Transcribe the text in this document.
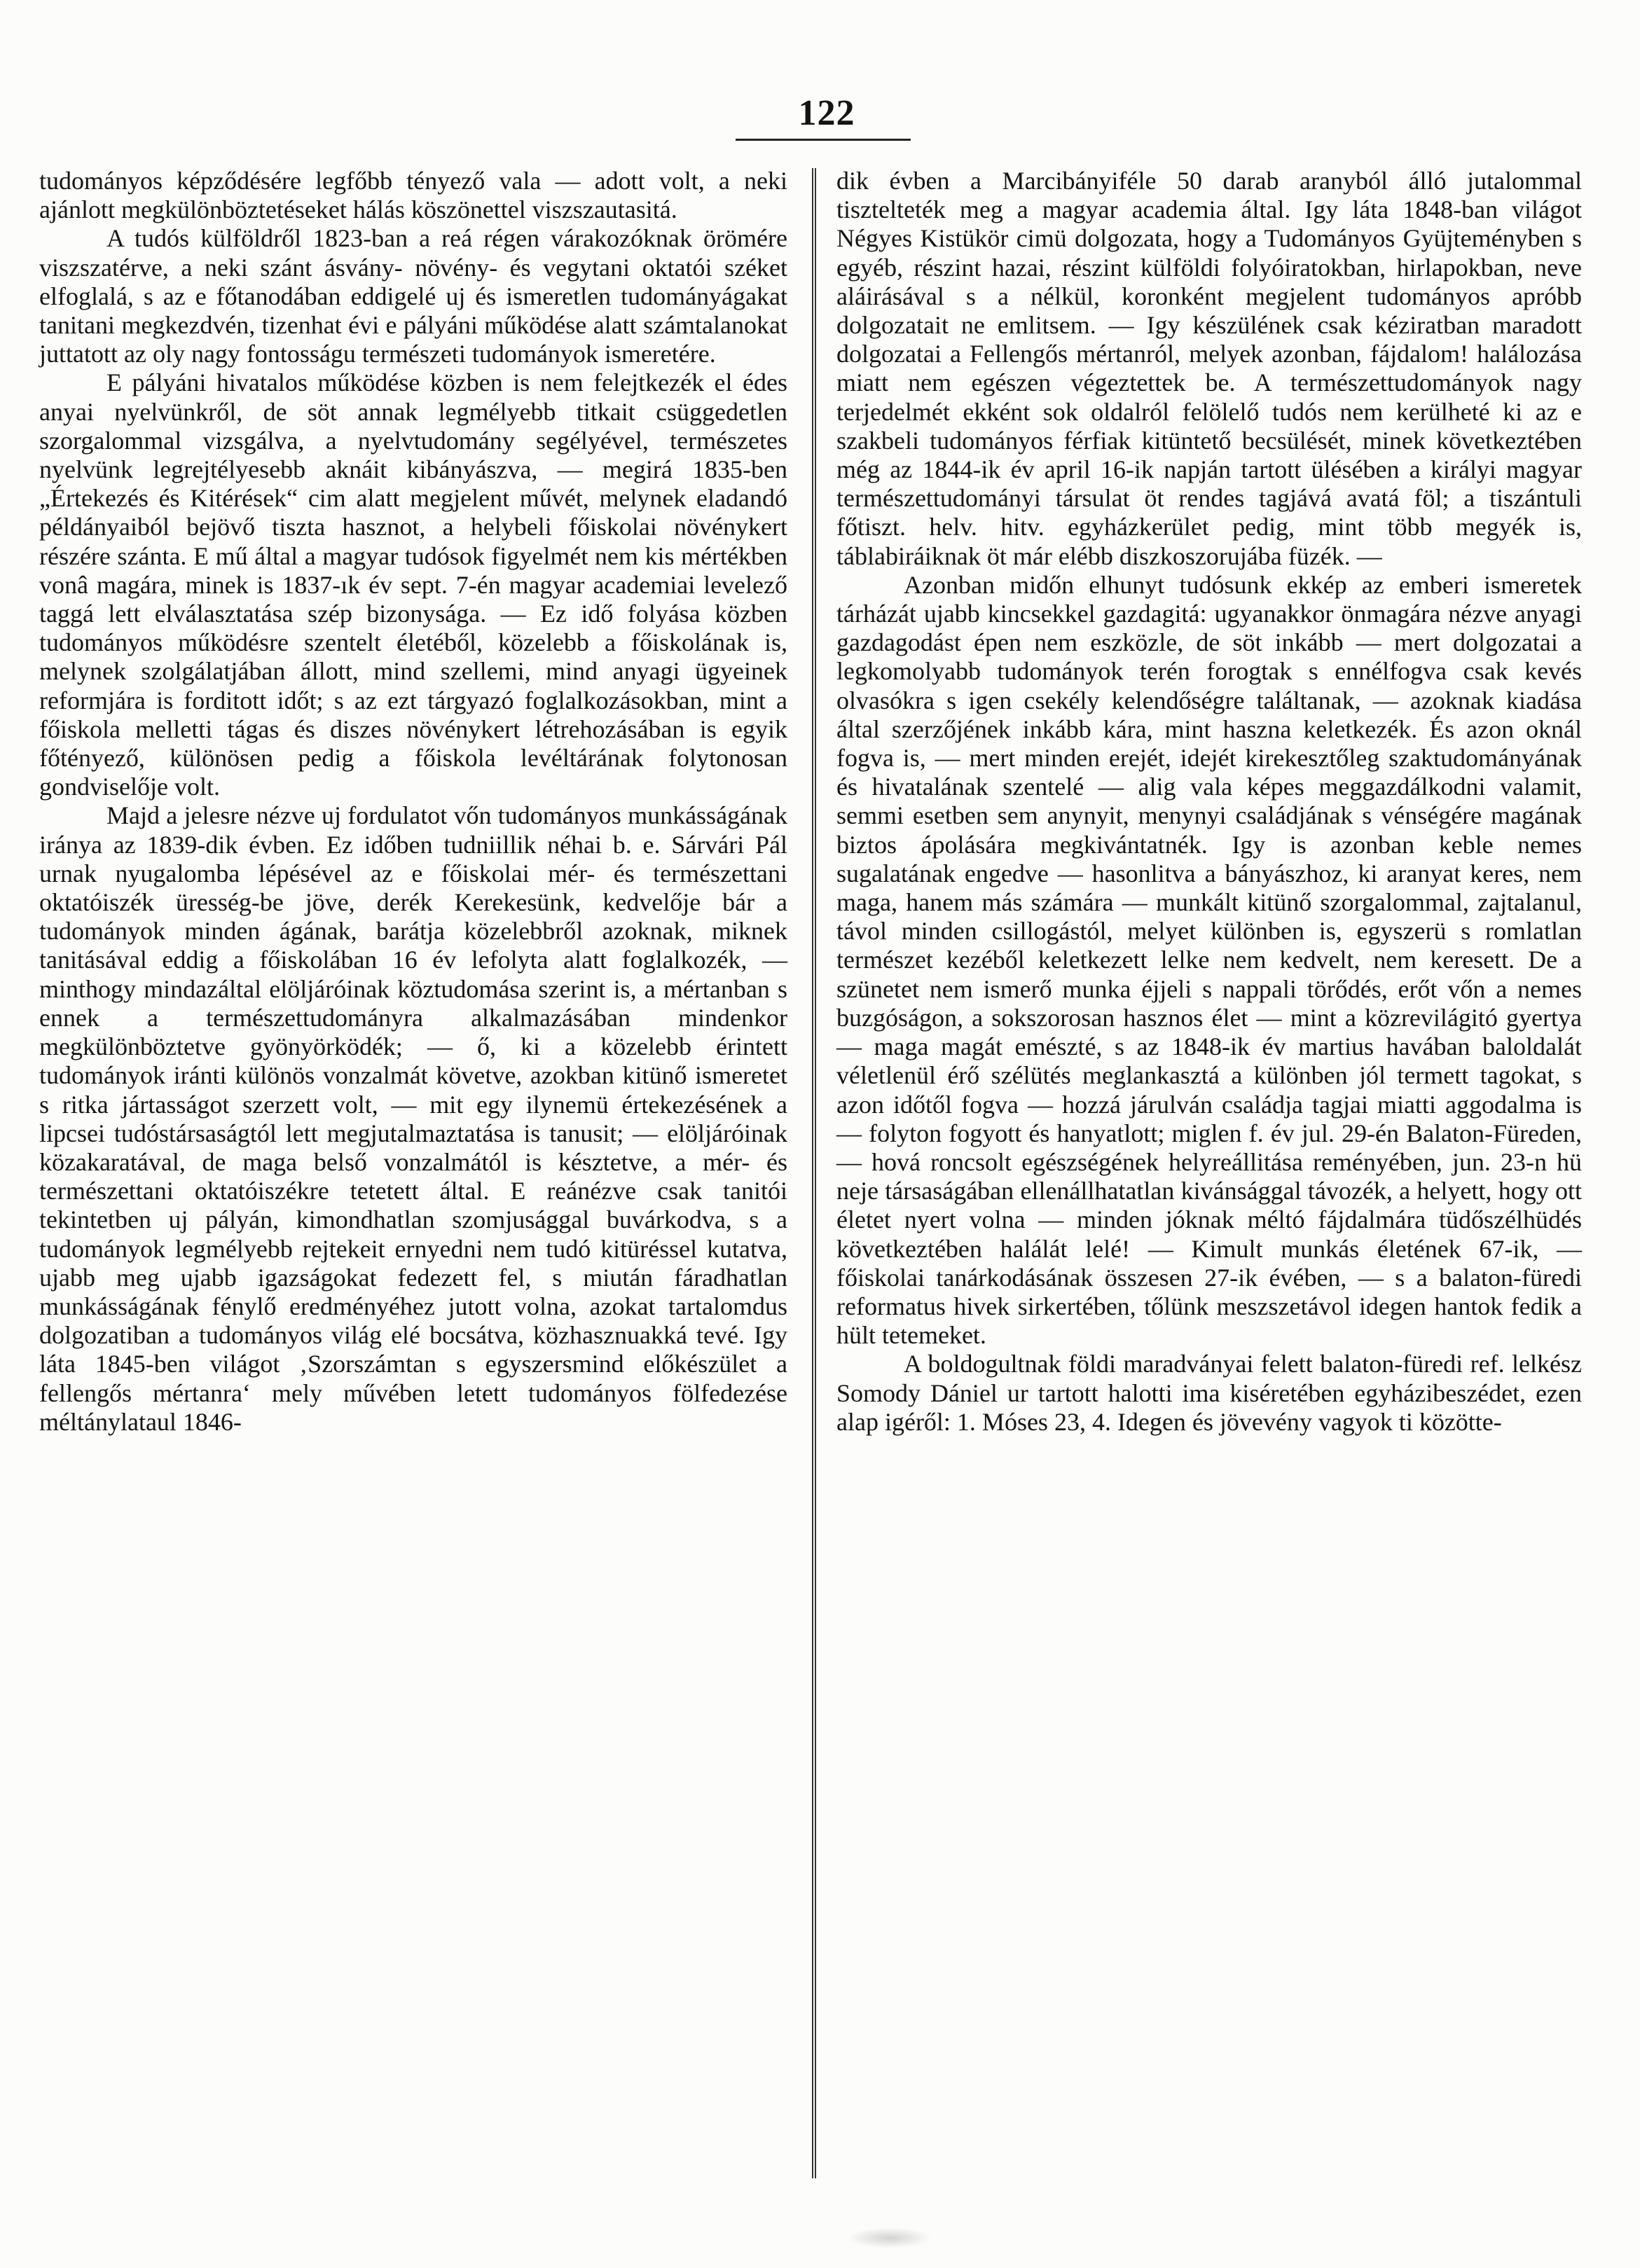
122

tudományos képződésére legfőbb tényező vala — adott volt, a neki ajánlott megkülönböztetéseket hálás köszönettel viszszautasitá.

A tudós külföldről 1823-ban a reá régen várakozóknak örömére viszszatérve, a neki szánt ásvány- növény- és vegytani oktatói széket elfoglalá, s az e főtanodában eddigelé uj és ismeretlen tudományágakat tanitani megkezdvén, tizenhat évi e pályáni működése alatt számtalanokat juttatott az oly nagy fontosságu természeti tudományok ismeretére.

E pályáni hivatalos működése közben is nem felejtkezék el édes anyai nyelvünkről, de söt annak legmélyebb titkait csüggedetlen szorgalommal vizsgálva, a nyelvtudomány segélyével, természetes nyelvünk legrejtélyesebb aknáit kibányászva, — megirá 1835-ben „Értekezés és Kitérések“ cim alatt megjelent művét, melynek eladandó példányaiból bejövő tiszta hasznot, a helybeli főiskolai növénykert részére szánta. E mű által a magyar tudósok figyelmét nem kis mértékben vonâ magára, minek is 1837-ık év sept. 7-én magyar academiai levelező taggá lett elválasztatása szép bizonysága. — Ez idő folyása közben tudományos működésre szentelt életéből, közelebb a főiskolának is, melynek szolgálatjában állott, mind szellemi, mind anyagi ügyeinek reformjára is forditott időt; s az ezt tárgyazó foglalkozásokban, mint a főiskola melletti tágas és diszes növénykert létrehozásában is egyik főtényező, különösen pedig a főiskola levéltárának folytonosan gondviselője volt.

Majd a jelesre nézve uj fordulatot vőn tudományos munkásságának iránya az 1839-dik évben. Ez időben tudniillik néhai b. e. Sárvári Pál urnak nyugalomba lépésével az e főiskolai mér- és természettani oktatóiszék üresség-be jöve, derék Kerekesünk, kedvelője bár a tudományok minden ágának, barátja közelebbről azoknak, miknek tanitásával eddig a főiskolában 16 év lefolyta alatt foglalkozék, — minthogy mindazáltal elöljáróinak köztudomása szerint is, a mértanban s ennek a természettudományra alkalmazásában mindenkor megkülönböztetve gyönyörködék; — ő, ki a közelebb érintett tudományok iránti különös vonzalmát követve, azokban kitünő ismeretet s ritka jártasságot szerzett volt, — mit egy ilynemü értekezésének a lipcsei tudóstársaságtól lett megjutalmaztatása is tanusit; — elöljáróinak közakaratával, de maga belső vonzalmától is késztetve, a mér- és természettani oktatóiszékre tetetett által. E reánézve csak tanitói tekintetben uj pályán, kimondhatlan szomjusággal buvárkodva, s a tudományok legmélyebb rejtekeit ernyedni nem tudó kitüréssel kutatva, ujabb meg ujabb igazságokat fedezett fel, s miután fáradhatlan munkásságának fénylő eredményéhez jutott volna, azokat tartalomdus dolgozatiban a tudományos világ elé bocsátva, közhasznuakká tevé. Igy láta 1845-ben világot ‚Szorszámtan s egyszersmind előkészület a fellengős mértanra‘ mely művében letett tudományos fölfedezése méltánylataul 1846-

dik évben a Marcibányiféle 50 darab aranyból álló jutalommal tisztelteték meg a magyar academia által. Igy láta 1848-ban világot Négyes Kistükör cimü dolgozata, hogy a Tudományos Gyüjteményben s egyéb, részint hazai, részint külföldi folyóiratokban, hirlapokban, neve aláirásával s a nélkül, koronként megjelent tudományos apróbb dolgozatait ne emlitsem. — Igy készülének csak kéziratban maradott dolgozatai a Fellengős mértanról, melyek azonban, fájdalom! halálozása miatt nem egészen végeztettek be. A természettudományok nagy terjedelmét ekként sok oldalról felölelő tudós nem kerülheté ki az e szakbeli tudományos férfiak kitüntető becsülését, minek következtében még az 1844-ik év april 16-ik napján tartott ülésében a királyi magyar természettudományi társulat öt rendes tagjává avatá föl; a tiszántuli főtiszt. helv. hitv. egyházkerület pedig, mint több megyék is, táblabiráiknak öt már elébb diszkoszorujába füzék. —

Azonban midőn elhunyt tudósunk ekkép az emberi ismeretek tárházát ujabb kincsekkel gazdagitá: ugyanakkor önmagára nézve anyagi gazdagodást épen nem eszközle, de söt inkább — mert dolgozatai a legkomolyabb tudományok terén forogtak s ennélfogva csak kevés olvasókra s igen csekély kelendőségre találtanak, — azoknak kiadása által szerzőjének inkább kára, mint haszna keletkezék. És azon oknál fogva is, — mert minden erejét, idejét kirekesztőleg szaktudományának és hivatalának szentelé — alig vala képes meggazdálkodni valamit, semmi esetben sem anynyit, menynyi családjának s vénségére magának biztos ápolására megkivántatnék. Igy is azonban keble nemes sugalatának engedve — hasonlitva a bányászhoz, ki aranyat keres, nem maga, hanem más számára — munkált kitünő szorgalommal, zajtalanul, távol minden csillogástól, melyet különben is, egyszerü s romlatlan természet kezéből keletkezett lelke nem kedvelt, nem keresett. De a szünetet nem ismerő munka éjjeli s nappali törődés, erőt vőn a nemes buzgóságon, a sokszorosan hasznos élet — mint a közrevilágitó gyertya — maga magát emészté, s az 1848-ik év martius havában baloldalát véletlenül érő szélütés meglankasztá a különben jól termett tagokat, s azon időtől fogva — hozzá járulván családja tagjai miatti aggodalma is — folyton fogyott és hanyatlott; miglen f. év jul. 29-én Balaton-Füreden, — hová roncsolt egészségének helyreállitása reményében, jun. 23-n hü neje társaságában ellenállhatatlan kivánsággal távozék, a helyett, hogy ott életet nyert volna — minden jóknak méltó fájdalmára tüdőszélhüdés következtében halálát lelé! — Kimult munkás életének 67-ik, — főiskolai tanárkodásának összesen 27-ik évében, — s a balaton-füredi reformatus hivek sirkertében, tőlünk meszszetávol idegen hantok fedik a hült tetemeket.

A boldogultnak földi maradványai felett balaton-füredi ref. lelkész Somody Dániel ur tartott halotti ima kiséretében egyházibeszédet, ezen alap igéről: 1. Móses 23, 4. Idegen és jövevény vagyok ti közötte-
